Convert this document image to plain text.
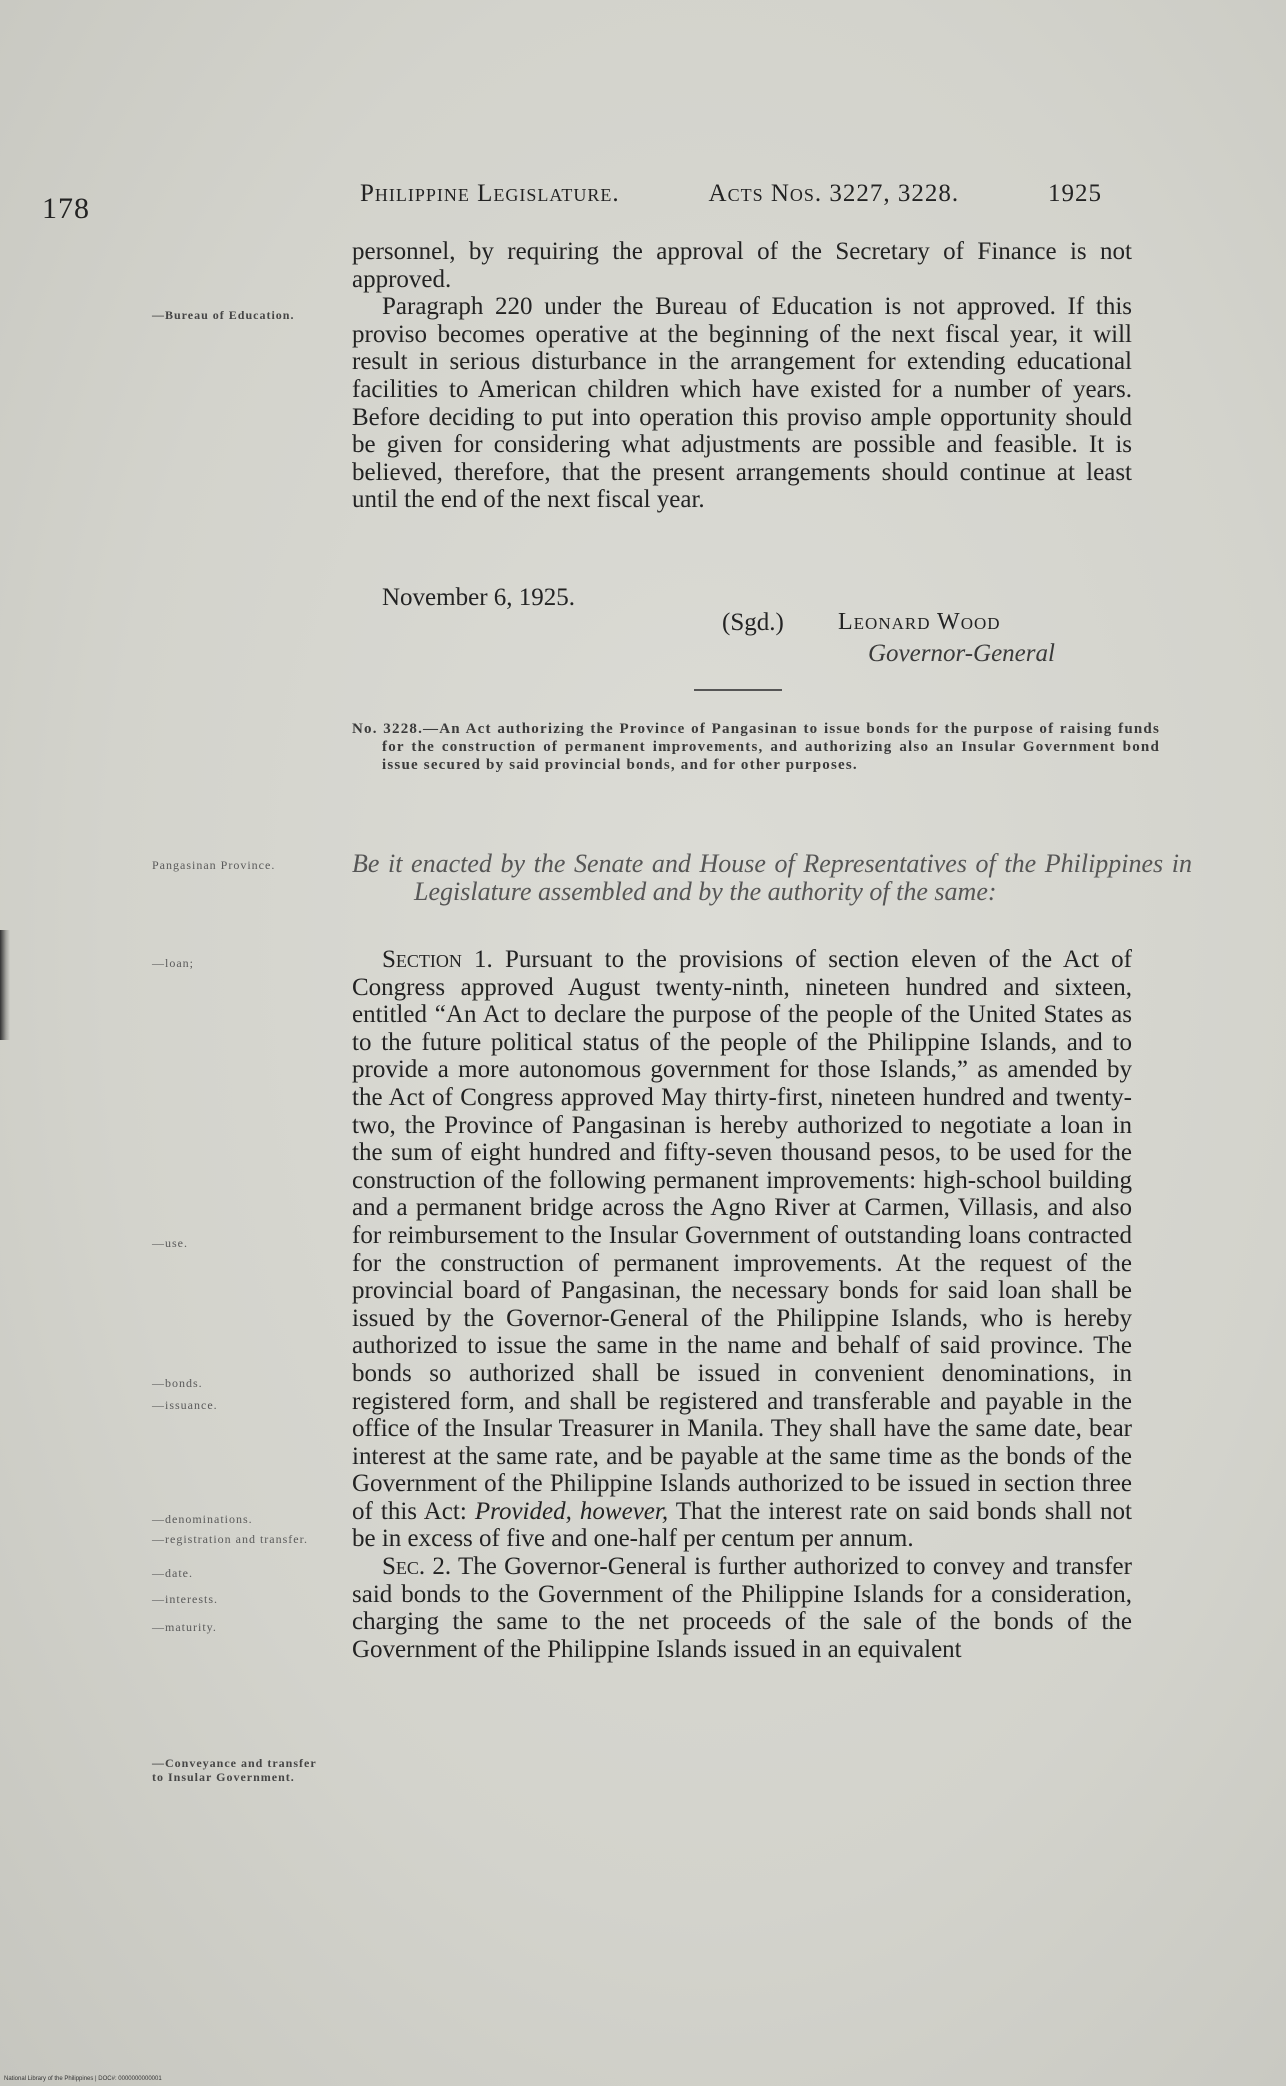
178	Philippine Legislature.	Acts Nos. 3227, 3228.	1925

personnel, by requiring the approval of the Secretary of Finance is not approved.

Paragraph 220 under the Bureau of Education is not approved. If this proviso becomes operative at the beginning of the next fiscal year, it will result in serious disturbance in the arrangement for extending educational facilities to American children which have existed for a number of years. Before deciding to put into operation this proviso ample opportunity should be given for considering what adjustments are possible and feasible. It is believed, therefore, that the present arrangements should continue at least until the end of the next fiscal year.

November 6, 1925.
(Sgd.) Leonard Wood
Governor-General
No. 3228.—An Act authorizing the Province of Pangasinan to issue bonds for the purpose of raising funds for the construction of permanent improvements, and authorizing also an Insular Government bond issue secured by said provincial bonds, and for other purposes.
Be it enacted by the Senate and House of Representatives of the Philippines in Legislature assembled and by the authority of the same:

Section 1. Pursuant to the provisions of section eleven of the Act of Congress approved August twenty-ninth, nineteen hundred and sixteen, entitled “An Act to declare the purpose of the people of the United States as to the future political status of the people of the Philippine Islands, and to provide a more autonomous government for those Islands,” as amended by the Act of Congress approved May thirty-first, nineteen hundred and twenty-two, the Province of Pangasinan is hereby authorized to negotiate a loan in the sum of eight hundred and fifty-seven thousand pesos, to be used for the construction of the following permanent improvements: high-school building and a permanent bridge across the Agno River at Carmen, Villasis, and also for reimbursement to the Insular Government of outstanding loans contracted for the construction of permanent improvements. At the request of the provincial board of Pangasinan, the necessary bonds for said loan shall be issued by the Governor-General of the Philippine Islands, who is hereby authorized to issue the same in the name and behalf of said province. The bonds so authorized shall be issued in convenient denominations, in registered form, and shall be registered and transferable and payable in the office of the Insular Treasurer in Manila. They shall have the same date, bear interest at the same rate, and be payable at the same time as the bonds of the Government of the Philippine Islands authorized to be issued in section three of this Act: Provided, however, That the interest rate on said bonds shall not be in excess of five and one-half per centum per annum.

Sec. 2. The Governor-General is further authorized to convey and transfer said bonds to the Government of the Philippine Islands for a consideration, charging the same to the net proceeds of the sale of the bonds of the Government of the Philippine Islands issued in an equivalent

—Bureau of Education.
Pangasinan Province.
—loan;
—use.
—bonds.
—issuance.
—denominations.
—registration and transfer.
—date.
—interests.
—maturity.
—Conveyance and transfer to Insular Government.
National Library of the Philippines | DOC#: 0000000000001
